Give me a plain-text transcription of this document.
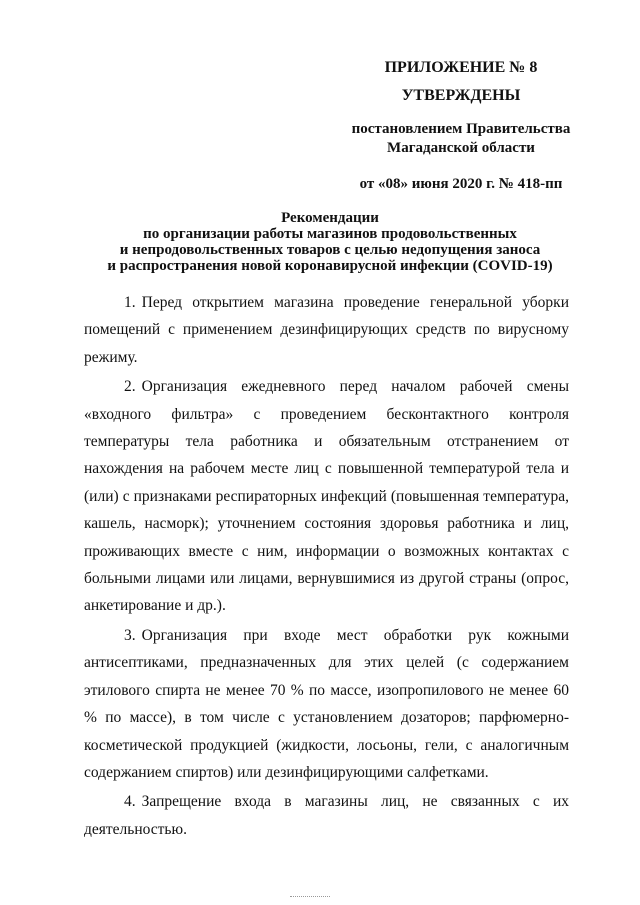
ПРИЛОЖЕНИЕ № 8
УТВЕРЖДЕНЫ
постановлением Правительства
Магаданской области
от «08» июня 2020 г. № 418-пп
Рекомендации
по организации работы магазинов продовольственных
и непродовольственных товаров с целью недопущения заноса
и распространения новой коронавирусной инфекции (COVID-19)

1. Перед открытием магазина проведение генеральной уборки помещений с применением дезинфицирующих средств по вирусному режиму.

2. Организация ежедневного перед началом рабочей смены «входного фильтра» с проведением бесконтактного контроля температуры тела работника и обязательным отстранением от нахождения на рабочем месте лиц с повышенной температурой тела и (или) с признаками респираторных инфекций (повышенная температура, кашель, насморк); уточнением состояния здоровья работника и лиц, проживающих вместе с ним, информации о возможных контактах с больными лицами или лицами, вернувшимися из другой страны (опрос, анкетирование и др.).

3. Организация при входе мест обработки рук кожными антисептиками, предназначенных для этих целей (с содержанием этилового спирта не менее 70 % по массе, изопропилового не менее 60 % по массе), в том числе с установлением дозаторов; парфюмерно-косметической продукцией (жидкости, лосьоны, гели, с аналогичным содержанием спиртов) или дезинфицирующими салфетками.

4. Запрещение входа в магазины лиц, не связанных с их деятельностью.
